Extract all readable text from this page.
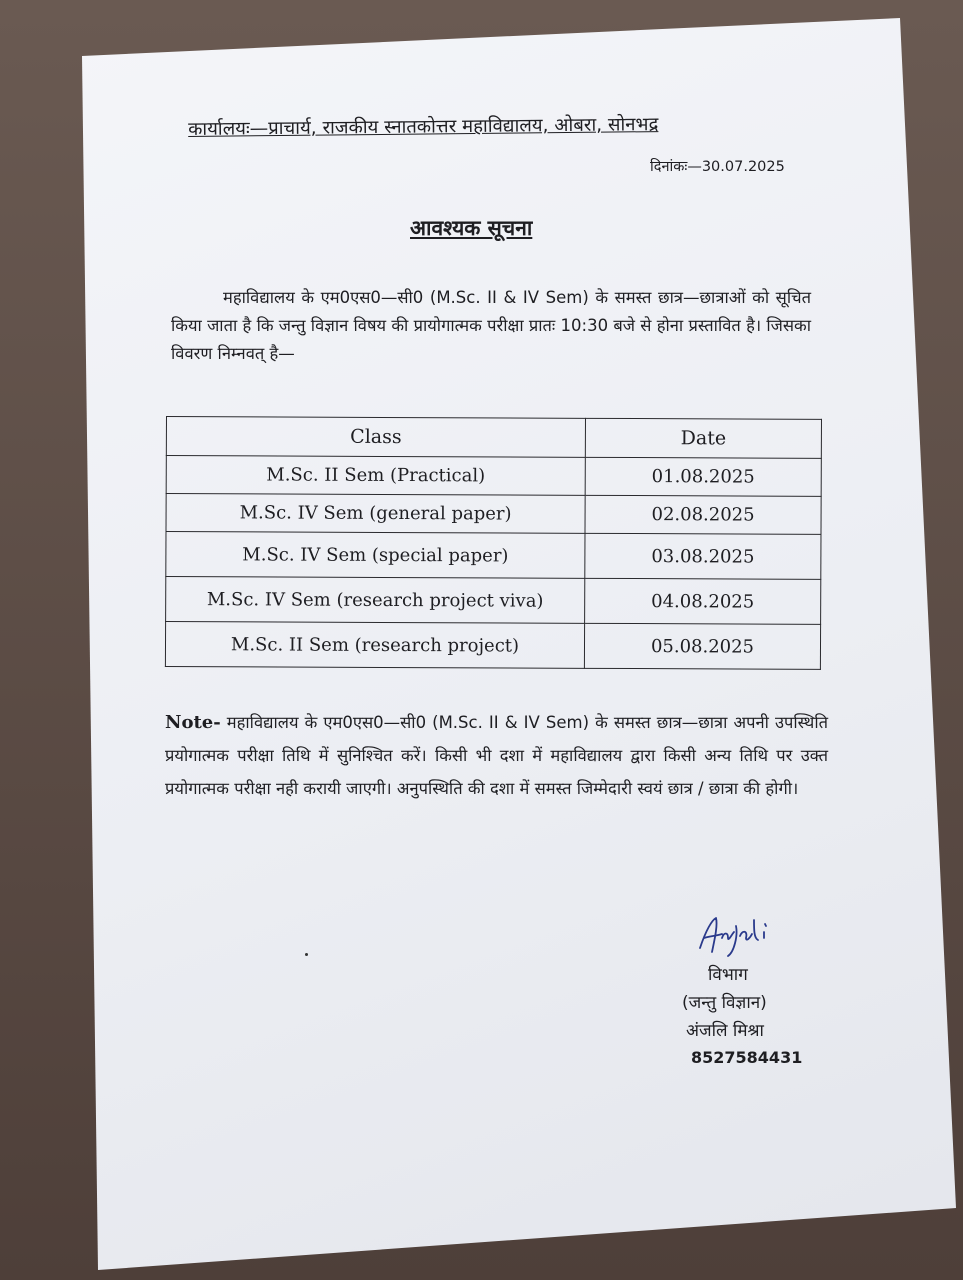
कार्यालयः—प्राचार्य, राजकीय स्नातकोत्तर महाविद्यालय, ओबरा, सोनभद्र
दिनांकः—30.07.2025
आवश्यक सूचना
महाविद्यालय के एम0एस0—सी0 (M.Sc. II & IV Sem) के समस्त छात्र—छात्राओं को सूचित किया जाता है कि जन्तु विज्ञान विषय की प्रायोगात्मक परीक्षा प्रातः 10:30 बजे से होना प्रस्तावित है। जिसका विवरण निम्नवत् है—
Class	Date
M.Sc. II Sem (Practical)	01.08.2025
M.Sc. IV Sem (general paper)	02.08.2025
M.Sc. IV Sem (special paper)	03.08.2025
M.Sc. IV Sem (research project viva)	04.08.2025
M.Sc. II Sem (research project)	05.08.2025
Note- महाविद्यालय के एम0एस0—सी0 (M.Sc. II & IV Sem) के समस्त छात्र—छात्रा अपनी उपस्थिति प्रयोगात्मक परीक्षा तिथि में सुनिश्चित करें। किसी भी दशा में महाविद्यालय द्वारा किसी अन्य तिथि पर उक्त प्रयोगात्मक परीक्षा नही करायी जाएगी। अनुपस्थिति की दशा में समस्त जिम्मेदारी स्वयं छात्र / छात्रा की होगी।
विभाग
(जन्तु विज्ञान)
अंजलि मिश्रा
8527584431
